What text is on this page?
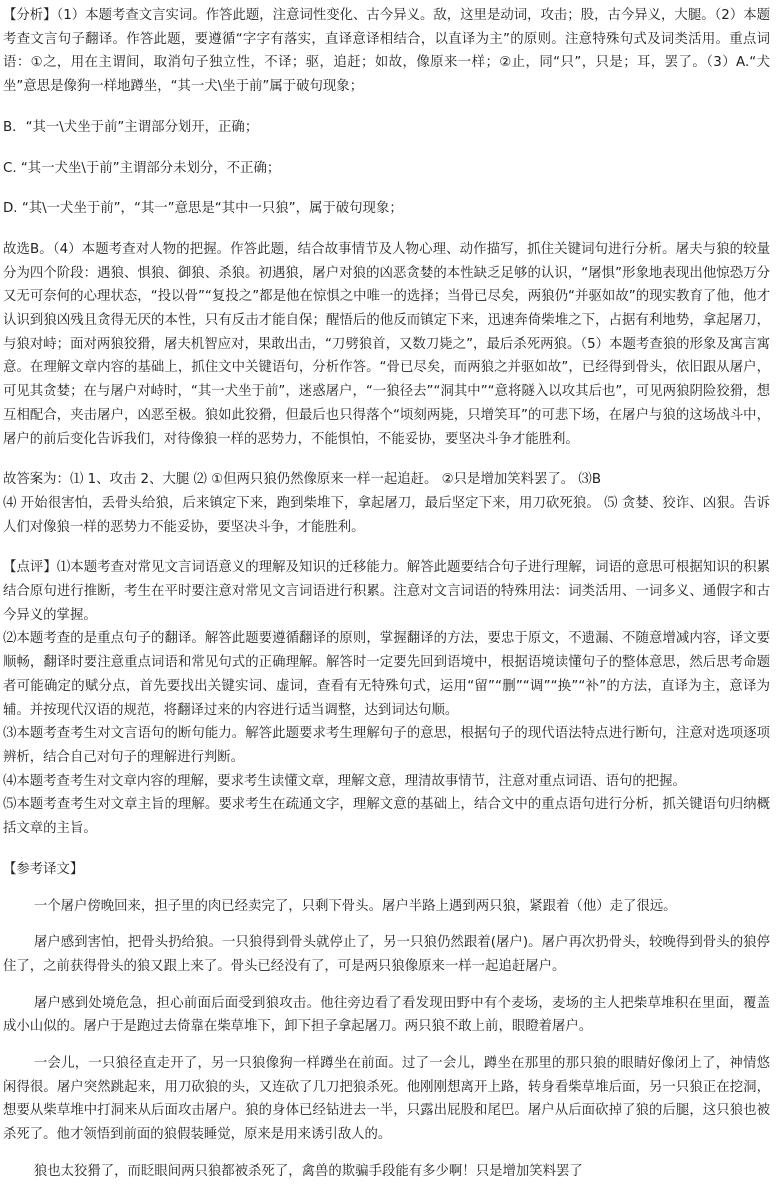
【分析】（1）本题考查文言实词。作答此题，注意词性变化、古今异义。敌，这里是动词，攻击；股，古今异义，大腿。（2）本题考查文言句子翻译。作答此题，要遵循“字字有落实，直译意译相结合，以直译为主”的原则。注意特殊句式及词类活用。重点词语：①之，用在主谓间，取消句子独立性，不译；驱，追赶；如故，像原来一样；②止，同“只”，只是；耳，罢了。（3）A.“犬坐”意思是像狗一样地蹲坐，“其一犬\坐于前”属于破句现象；

B．“其一\犬坐于前”主谓部分划开，正确；

C. “其一犬坐\于前”主谓部分未划分，不正确；

D. “其\一犬坐于前”，“其一”意思是“其中一只狼”，属于破句现象；

故选B。（4）本题考查对人物的把握。作答此题，结合故事情节及人物心理、动作描写，抓住关键词句进行分析。屠夫与狼的较量分为四个阶段：遇狼、惧狼、御狼、杀狼。初遇狼，屠户对狼的凶恶贪婪的本性缺乏足够的认识，“屠惧”形象地表现出他惊恐万分又无可奈何的心理状态，“投以骨”“复投之”都是他在惊惧之中唯一的选择；当骨已尽矣，两狼仍“并驱如故”的现实教育了他，他才认识到狼凶残且贪得无厌的本性，只有反击才能自保；醒悟后的他反而镇定下来，迅速奔倚柴堆之下，占据有利地势，拿起屠刀，与狼对峙；面对两狼狡猾，屠夫机智应对，果敢出击，“刀劈狼首，又数刀毙之”，最后杀死两狼。（5）本题考查狼的形象及寓言寓意。在理解文章内容的基础上，抓住文中关键语句，分析作答。“骨已尽矣，而两狼之并驱如故”，已经得到骨头，依旧跟从屠户，可见其贪婪；在与屠户对峙时，“其一犬坐于前”，迷惑屠户，“一狼径去”“洞其中”“意将隧入以攻其后也”，可见两狼阴险狡猾，想互相配合，夹击屠户，凶恶至极。狼如此狡猾，但最后也只得落个“顷刻两毙，只增笑耳”的可悲下场，在屠户与狼的这场战斗中，屠户的前后变化告诉我们，对待像狼一样的恶势力，不能惧怕，不能妥协，要坚决斗争才能胜利。

故答案为：⑴ 1、攻击 2、大腿 ⑵ ①但两只狼仍然像原来一样一起追赶。 ②只是增加笑料罢了。 ⑶B

⑷ 开始很害怕，丢骨头给狼，后来镇定下来，跑到柴堆下，拿起屠刀，最后坚定下来，用刀砍死狼。 ⑸ 贪婪、狡诈、凶狠。告诉人们对像狼一样的恶势力不能妥协，要坚决斗争，才能胜利。

【点评】⑴本题考查对常见文言词语意义的理解及知识的迁移能力。解答此题要结合句子进行理解，词语的意思可根据知识的积累结合原句进行推断，考生在平时要注意对常见文言词语进行积累。注意对文言词语的特殊用法：词类活用、一词多义、通假字和古今异义的掌握。

⑵本题考查的是重点句子的翻译。解答此题要遵循翻译的原则，掌握翻译的方法，要忠于原文，不遗漏、不随意增减内容，译文要顺畅，翻译时要注意重点词语和常见句式的正确理解。解答时一定要先回到语境中，根据语境读懂句子的整体意思，然后思考命题者可能确定的赋分点，首先要找出关键实词、虚词，查看有无特殊句式，运用“留”“删”“调”“换”“补”的方法，直译为主，意译为辅。并按现代汉语的规范，将翻译过来的内容进行适当调整，达到词达句顺。

⑶本题考查考生对文言语句的断句能力。解答此题要求考生理解句子的意思，根据句子的现代语法特点进行断句，注意对选项逐项辨析，结合自己对句子的理解进行判断。

⑷本题考查考生对文章内容的理解，要求考生读懂文章，理解文意，理清故事情节，注意对重点词语、语句的把握。

⑸本题考查考生对文章主旨的理解。要求考生在疏通文字，理解文意的基础上，结合文中的重点语句进行分析，抓关键语句归纳概括文章的主旨。

【参考译文】

一个屠户傍晚回来，担子里的肉已经卖完了，只剩下骨头。屠户半路上遇到两只狼，紧跟着（他）走了很远。

屠户感到害怕，把骨头扔给狼。一只狼得到骨头就停止了，另一只狼仍然跟着(屠户)。屠户再次扔骨头，较晚得到骨头的狼停住了，之前获得骨头的狼又跟上来了。骨头已经没有了，可是两只狼像原来一样一起追赶屠户。

屠户感到处境危急，担心前面后面受到狼攻击。他往旁边看了看发现田野中有个麦场，麦场的主人把柴草堆积在里面，覆盖成小山似的。屠户于是跑过去倚靠在柴草堆下，卸下担子拿起屠刀。两只狼不敢上前，眼瞪着屠户。

一会儿，一只狼径直走开了，另一只狼像狗一样蹲坐在前面。过了一会儿，蹲坐在那里的那只狼的眼睛好像闭上了，神情悠闲得很。屠户突然跳起来，用刀砍狼的头，又连砍了几刀把狼杀死。他刚刚想离开上路，转身看柴草堆后面，另一只狼正在挖洞，想要从柴草堆中打洞来从后面攻击屠户。狼的身体已经钻进去一半，只露出屁股和尾巴。屠户从后面砍掉了狼的后腿，这只狼也被杀死了。他才领悟到前面的狼假装睡觉，原来是用来诱引敌人的。

狼也太狡猾了，而眨眼间两只狼都被杀死了，禽兽的欺骗手段能有多少啊！只是增加笑料罢了
